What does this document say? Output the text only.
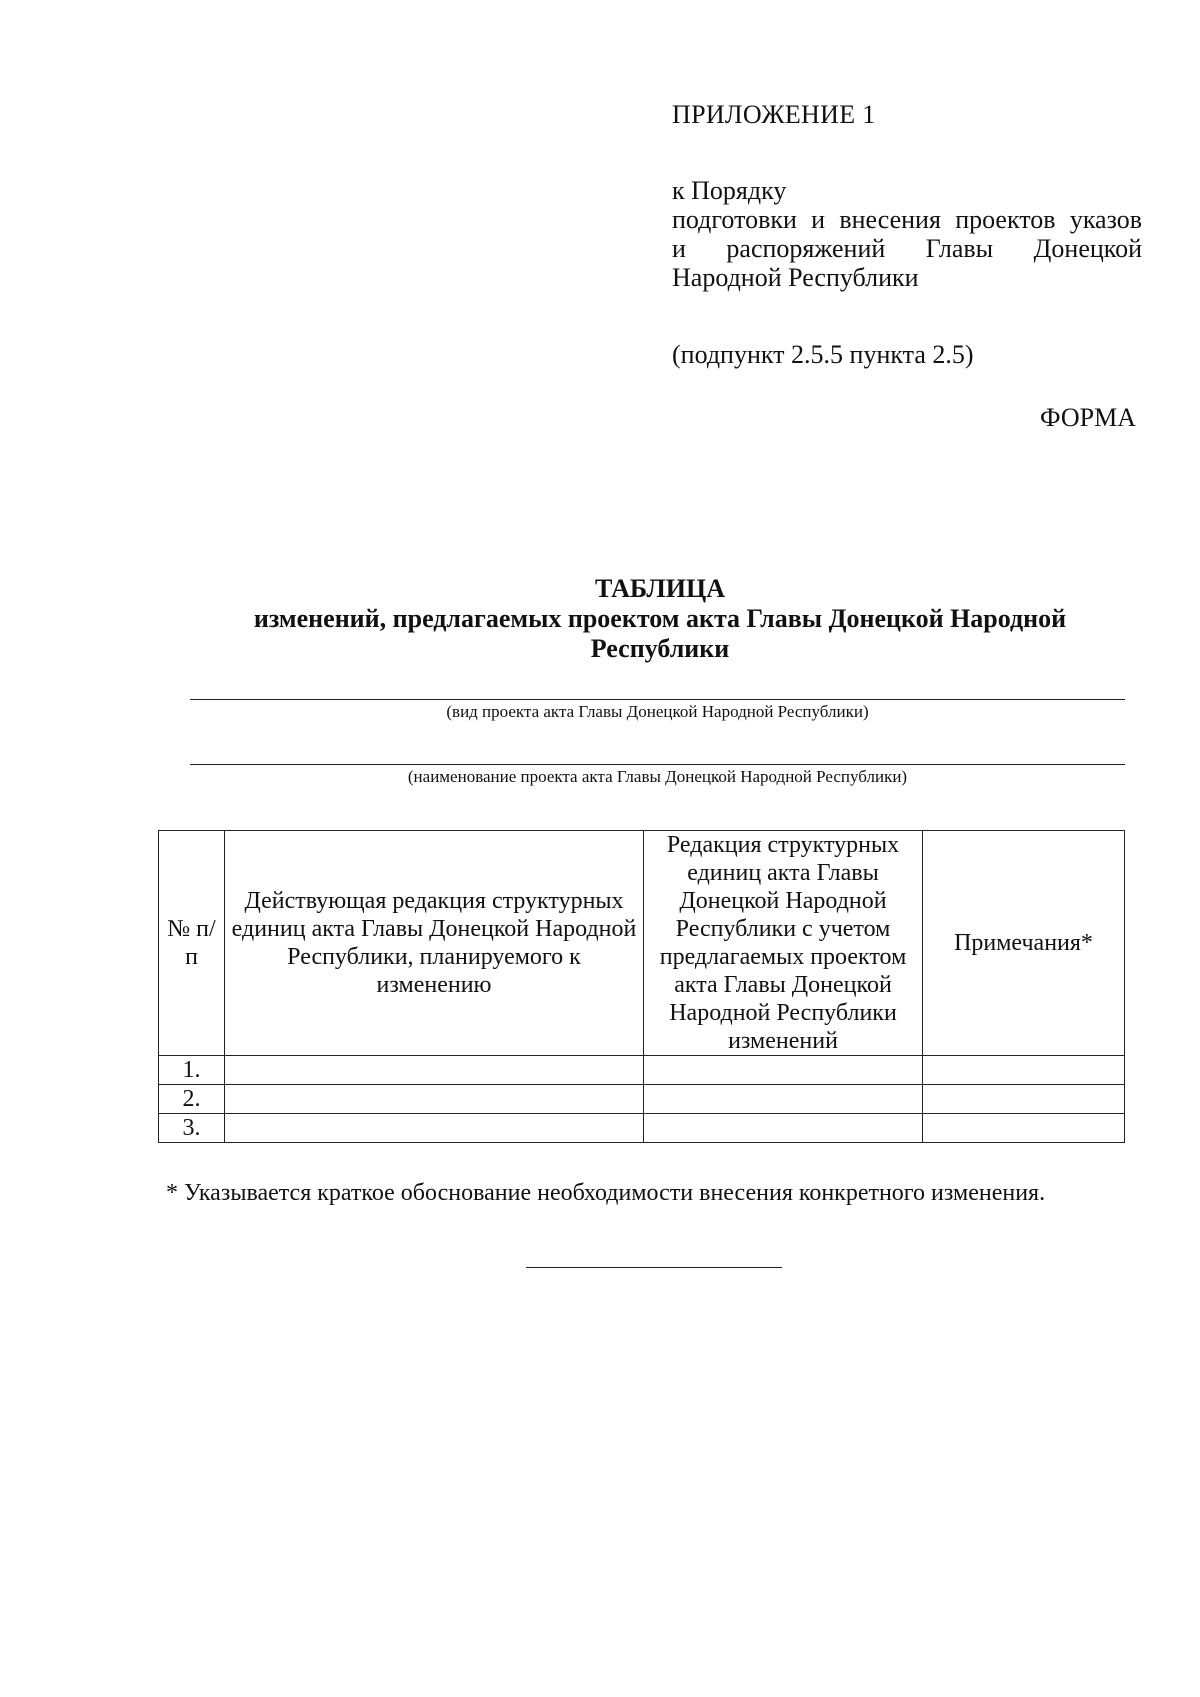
ПРИЛОЖЕНИЕ 1
к Порядку
подготовки и внесения проектов указов
и распоряжений Главы Донецкой
Народной Республики
(подпункт 2.5.5 пункта 2.5)
ФОРМА
ТАБЛИЦА
изменений, предлагаемых проектом акта Главы Донецкой Народной Республики
(вид проекта акта Главы Донецкой Народной Республики)
(наименование проекта акта Главы Донецкой Народной Республики)
№ п/п	Действующая редакция структурных единиц акта Главы Донецкой Народной Республики, планируемого к изменению	Редакция структурных единиц акта Главы Донецкой Народной Республики с учетом предлагаемых проектом акта Главы Донецкой Народной Республики изменений	Примечания*
1.			
2.			
3.			
* Указывается краткое обоснование необходимости внесения конкретного изменения.
